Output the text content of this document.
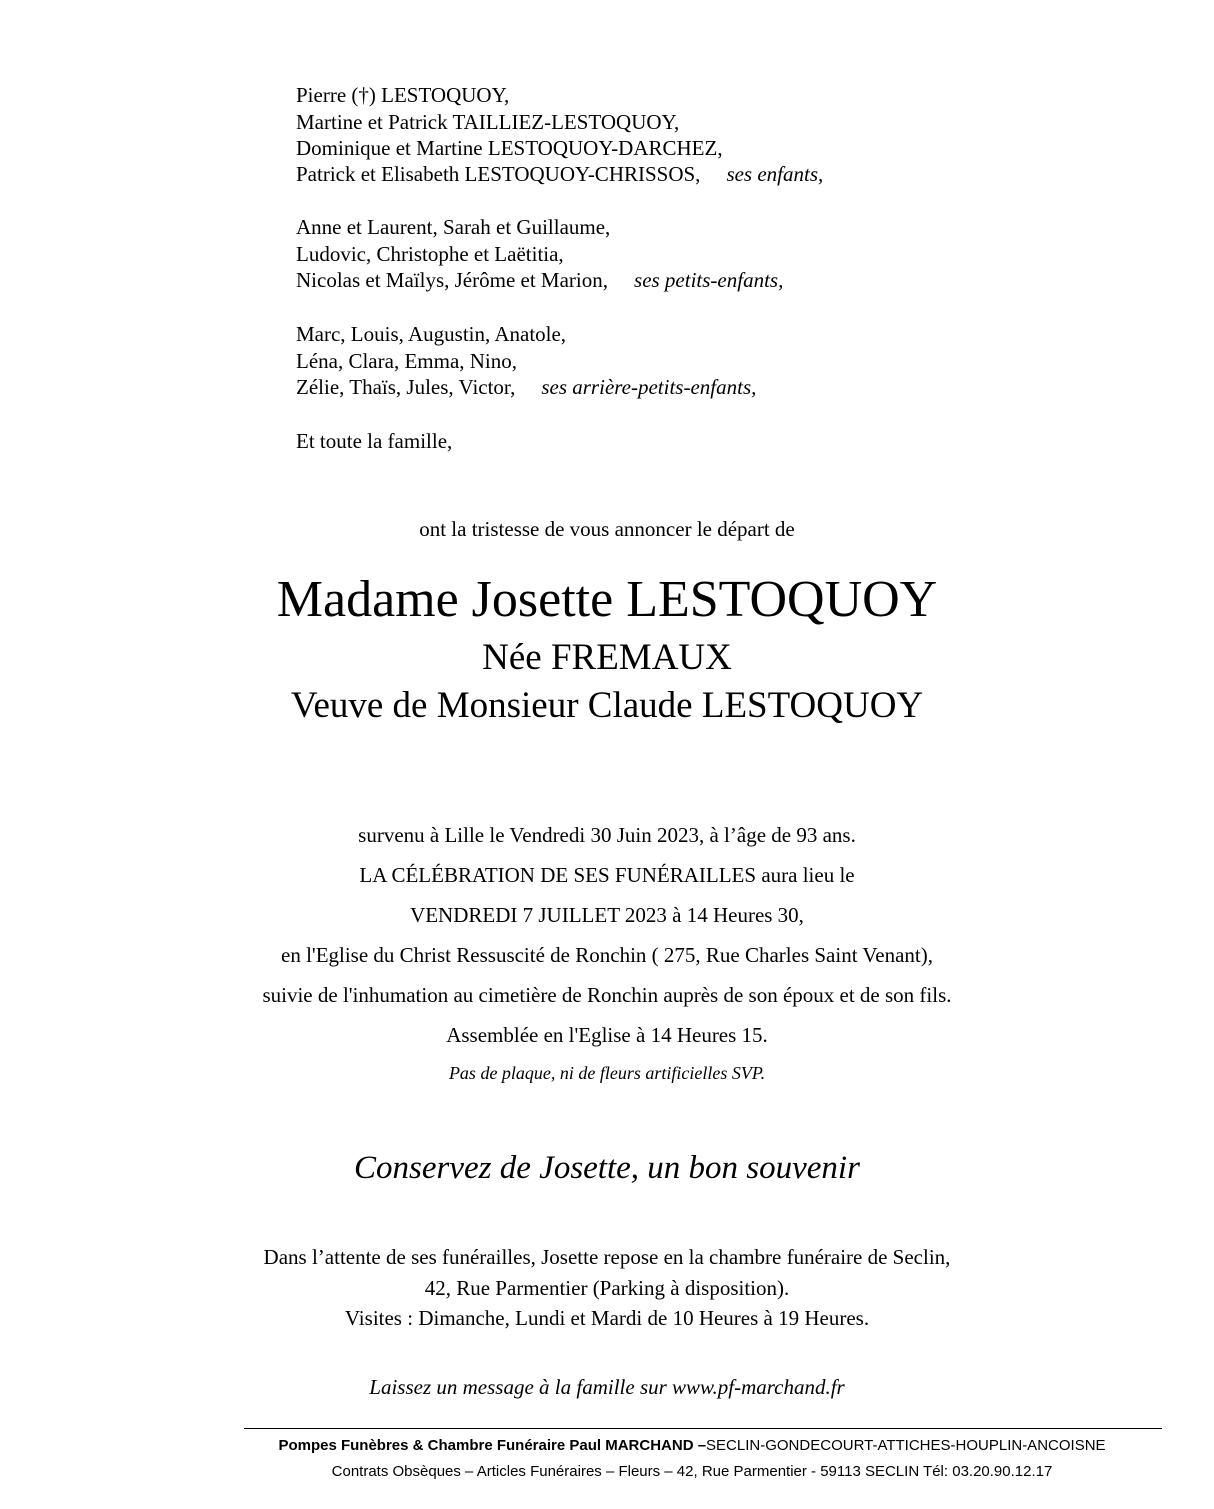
Pierre (†) LESTOQUOY,
Martine et Patrick TAILLIEZ-LESTOQUOY,
Dominique et Martine LESTOQUOY-DARCHEZ,
Patrick et Elisabeth LESTOQUOY-CHRISSOS, ses enfants,
Anne et Laurent, Sarah et Guillaume,
Ludovic, Christophe et Laëtitia,
Nicolas et Maïlys, Jérôme et Marion, ses petits-enfants,
Marc, Louis, Augustin, Anatole,
Léna, Clara, Emma, Nino,
Zélie, Thaïs, Jules, Victor, ses arrière-petits-enfants,
Et toute la famille,
ont la tristesse de vous annoncer le départ de
Madame Josette LESTOQUOY
Née FREMAUX
Veuve de Monsieur Claude LESTOQUOY
survenu à Lille le Vendredi 30 Juin 2023, à l’âge de 93 ans.
LA CÉLÉBRATION DE SES FUNÉRAILLES aura lieu le
VENDREDI 7 JUILLET 2023 à 14 Heures 30,
en l'Eglise du Christ Ressuscité de Ronchin ( 275, Rue Charles Saint Venant),
suivie de l'inhumation au cimetière de Ronchin auprès de son époux et de son fils.
Assemblée en l'Eglise à 14 Heures 15.
Pas de plaque, ni de fleurs artificielles SVP.
Conservez de Josette, un bon souvenir
Dans l’attente de ses funérailles, Josette repose en la chambre funéraire de Seclin,
42, Rue Parmentier (Parking à disposition).
Visites : Dimanche, Lundi et Mardi de 10 Heures à 19 Heures.
Laissez un message à la famille sur www.pf-marchand.fr
Pompes Funèbres & Chambre Funéraire Paul MARCHAND –SECLIN-GONDECOURT-ATTICHES-HOUPLIN-ANCOISNE
Contrats Obsèques – Articles Funéraires – Fleurs – 42, Rue Parmentier - 59113 SECLIN Tél: 03.20.90.12.17
